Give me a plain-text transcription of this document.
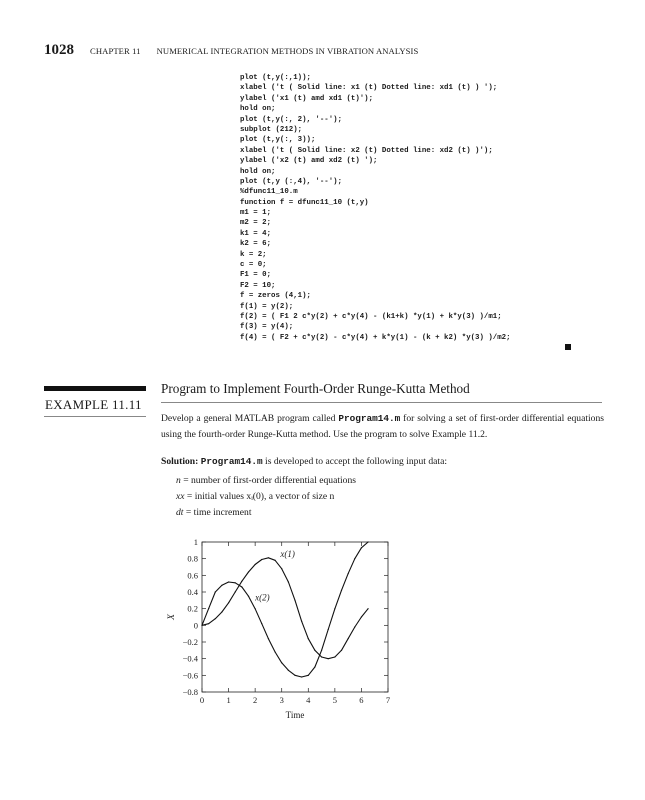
1028 CHAPTER 11 NUMERICAL INTEGRATION METHODS IN VIBRATION ANALYSIS
plot (t,y(:,1));
xlabel ('t ( Solid line: x1 (t) Dotted line: xd1 (t) ) ');
ylabel ('x1 (t) amd xd1 (t)');
hold on;
plot (t,y(:, 2), '--');
subplot (212);
plot (t,y(:, 3));
xlabel ('t ( Solid line: x2 (t) Dotted line: xd2 (t) )');
ylabel ('x2 (t) amd xd2 (t) ');
hold on;
plot (t,y (:,4), '--');
%dfunc11_10.m
function f = dfunc11_10 (t,y)
m1 = 1;
m2 = 2;
k1 = 4;
k2 = 6;
k = 2;
c = 0;
F1 = 0;
F2 = 10;
f = zeros (4,1);
f(1) = y(2);
f(2) = ( F1 2 c*y(2) + c*y(4) - (k1+k) *y(1) + k*y(3) )/m1;
f(3) = y(4);
f(4) = ( F2 + c*y(2) - c*y(4) + k*y(1) - (k + k2) *y(3) )/m2;
EXAMPLE 11.11
Program to Implement Fourth-Order Runge-Kutta Method
Develop a general MATLAB program called Program14.m for solving a set of first-order differential equations using the fourth-order Runge-Kutta method. Use the program to solve Example 11.2.
Solution: Program14.m is developed to accept the following input data:
n = number of first-order differential equations
xx = initial values xᵢ(0), a vector of size n
dt = time increment
0	1	2	3	4	5	6	7
1
0.8
0.6
0.4
0.2
0
−0.2
−0.4
−0.6
−0.8
Time
X
x(1)
x(2)
